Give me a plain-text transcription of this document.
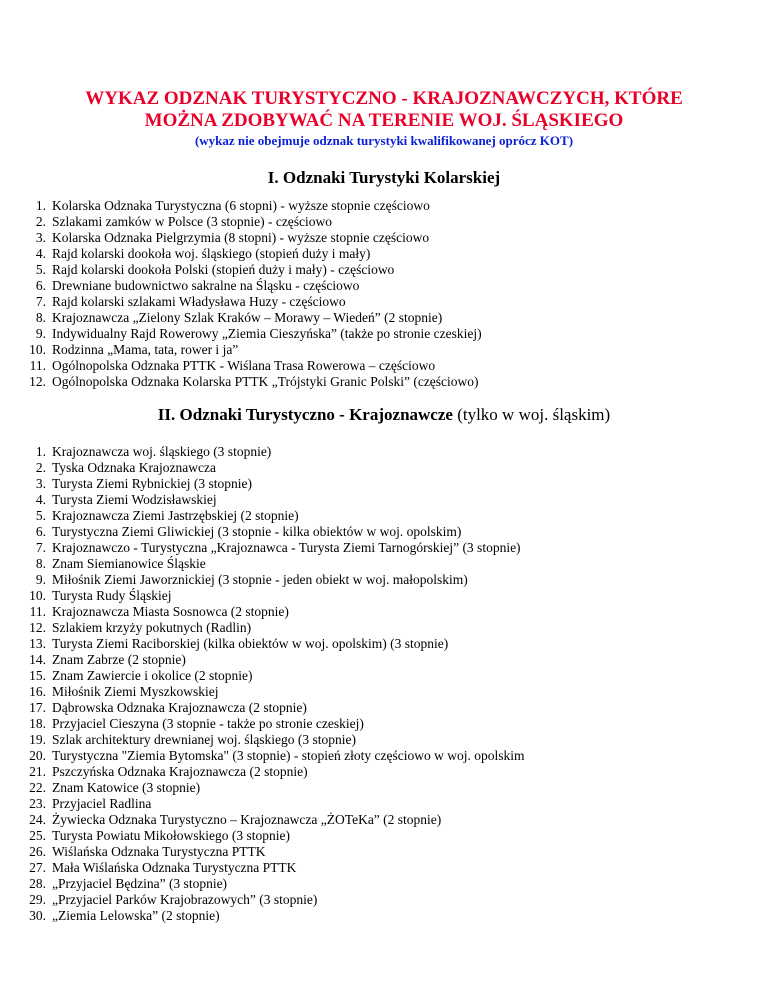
WYKAZ ODZNAK TURYSTYCZNO - KRAJOZNAWCZYCH, KTÓRE
MOŻNA ZDOBYWAĆ NA TERENIE WOJ. ŚLĄSKIEGO
(wykaz nie obejmuje odznak turystyki kwalifikowanej oprócz KOT)
I. Odznaki Turystyki Kolarskiej
1. Kolarska Odznaka Turystyczna (6 stopni) - wyższe stopnie częściowo
2. Szlakami zamków w Polsce (3 stopnie) - częściowo
3. Kolarska Odznaka Pielgrzymia (8 stopni) - wyższe stopnie częściowo
4. Rajd kolarski dookoła woj. śląskiego (stopień duży i mały)
5. Rajd kolarski dookoła Polski (stopień duży i mały) - częściowo
6. Drewniane budownictwo sakralne na Śląsku - częściowo
7. Rajd kolarski szlakami Władysława Huzy - częściowo
8. Krajoznawcza „Zielony Szlak Kraków – Morawy – Wiedeń” (2 stopnie)
9. Indywidualny Rajd Rowerowy „Ziemia Cieszyńska” (także po stronie czeskiej)
10. Rodzinna „Mama, tata, rower i ja”
11. Ogólnopolska Odznaka PTTK - Wiślana Trasa Rowerowa – częściowo
12. Ogólnopolska Odznaka Kolarska PTTK „Trójstyki Granic Polski” (częściowo)
II. Odznaki Turystyczno - Krajoznawcze (tylko w woj. śląskim)
1. Krajoznawcza woj. śląskiego (3 stopnie)
2. Tyska Odznaka Krajoznawcza
3. Turysta Ziemi Rybnickiej (3 stopnie)
4. Turysta Ziemi Wodzisławskiej
5. Krajoznawcza Ziemi Jastrzębskiej (2 stopnie)
6. Turystyczna Ziemi Gliwickiej (3 stopnie - kilka obiektów w woj. opolskim)
7. Krajoznawczo - Turystyczna „Krajoznawca - Turysta Ziemi Tarnogórskiej” (3 stopnie)
8. Znam Siemianowice Śląskie
9. Miłośnik Ziemi Jaworznickiej (3 stopnie - jeden obiekt w woj. małopolskim)
10. Turysta Rudy Śląskiej
11. Krajoznawcza Miasta Sosnowca (2 stopnie)
12. Szlakiem krzyży pokutnych (Radlin)
13. Turysta Ziemi Raciborskiej (kilka obiektów w woj. opolskim) (3 stopnie)
14. Znam Zabrze (2 stopnie)
15. Znam Zawiercie i okolice (2 stopnie)
16. Miłośnik Ziemi Myszkowskiej
17. Dąbrowska Odznaka Krajoznawcza (2 stopnie)
18. Przyjaciel Cieszyna (3 stopnie - także po stronie czeskiej)
19. Szlak architektury drewnianej woj. śląskiego (3 stopnie)
20. Turystyczna "Ziemia Bytomska" (3 stopnie) - stopień złoty częściowo w woj. opolskim
21. Pszczyńska Odznaka Krajoznawcza (2 stopnie)
22. Znam Katowice (3 stopnie)
23. Przyjaciel Radlina
24. Żywiecka Odznaka Turystyczno – Krajoznawcza „ŻOTeKa” (2 stopnie)
25. Turysta Powiatu Mikołowskiego (3 stopnie)
26. Wiślańska Odznaka Turystyczna PTTK
27. Mała Wiślańska Odznaka Turystyczna PTTK
28. „Przyjaciel Będzina” (3 stopnie)
29. „Przyjaciel Parków Krajobrazowych” (3 stopnie)
30. „Ziemia Lelowska” (2 stopnie)
